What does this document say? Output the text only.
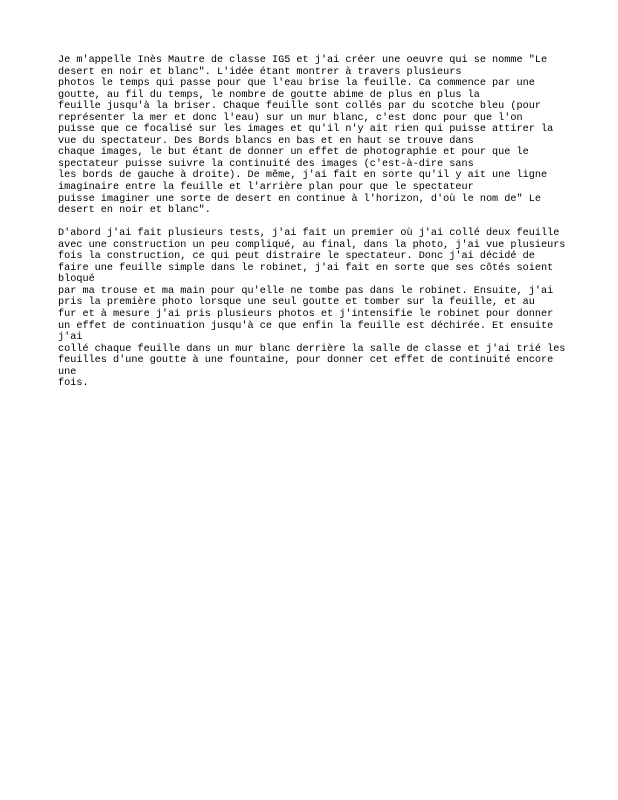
Je m'appelle Inès Mautre de classe IG5 et j'ai créer une oeuvre qui se nomme "Le
desert en noir et blanc". L'idée étant montrer à travers plusieurs
photos le temps qui passe pour que l'eau brise la feuille. Ca commence par une
goutte, au fil du temps, le nombre de goutte abime de plus en plus la
feuille jusqu'à la briser. Chaque feuille sont collés par du scotche bleu (pour
représenter la mer et donc l'eau) sur un mur blanc, c'est donc pour que l'on
puisse que ce focalisé sur les images et qu'il n'y ait rien qui puisse attirer la
vue du spectateur. Des Bords blancs en bas et en haut se trouve dans
chaque images, le but étant de donner un effet de photographie et pour que le
spectateur puisse suivre la continuité des images (c'est-à-dire sans
les bords de gauche à droite). De même, j'ai fait en sorte qu'il y ait une ligne
imaginaire entre la feuille et l'arrière plan pour que le spectateur
puisse imaginer une sorte de desert en continue à l'horizon, d'où le nom de" Le
desert en noir et blanc".
D'abord j'ai fait plusieurs tests, j'ai fait un premier où j'ai collé deux feuille
avec une construction un peu compliqué, au final, dans la photo, j'ai vue plusieurs
fois la construction, ce qui peut distraire le spectateur. Donc j'ai décidé de
faire une feuille simple dans le robinet, j'ai fait en sorte que ses côtés soient
bloqué
par ma trouse et ma main pour qu'elle ne tombe pas dans le robinet. Ensuite, j'ai
pris la première photo lorsque une seul goutte et tomber sur la feuille, et au
fur et à mesure j'ai pris plusieurs photos et j'intensifie le robinet pour donner
un effet de continuation jusqu'à ce que enfin la feuille est déchirée. Et ensuite
j'ai
collé chaque feuille dans un mur blanc derrière la salle de classe et j'ai trié les
feuilles d'une goutte à une fountaine, pour donner cet effet de continuité encore
une
fois.
